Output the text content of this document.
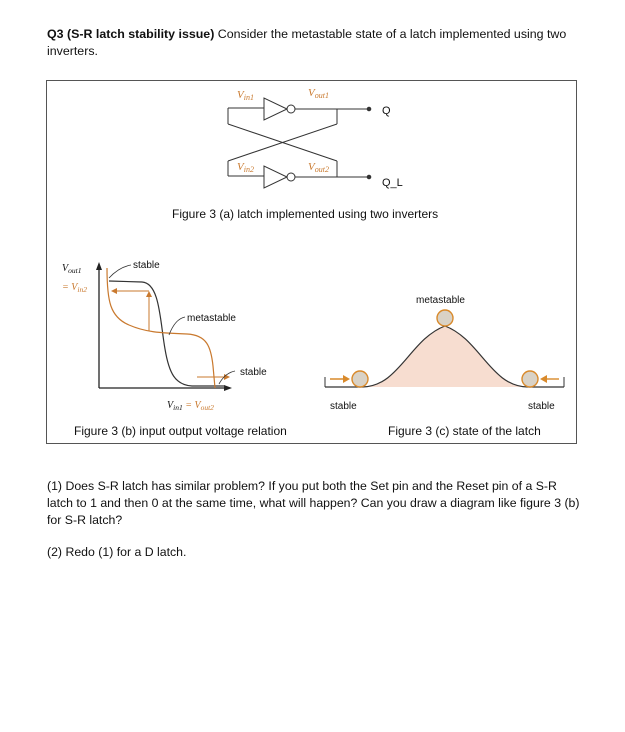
Q3 (S-R latch stability issue) Consider the metastable state of a latch implemented using two inverters.
Vin1	Vout1
Vin2	Vout2
Q
Q_L
Figure 3 (a) latch implemented using two inverters
stable
metastable
stable
$V_{out1}$
= $V_{in2}$
$V_{in1} = V_{out2}$
Figure 3 (b) input output voltage relation
metastable
stable	stable
Figure 3 (c) state of the latch

(1) Does S-R latch has similar problem? If you put both the Set pin and the Reset pin of a S-R latch to 1 and then 0 at the same time, what will happen? Can you draw a diagram like figure 3 (b) for S-R latch?

(2) Redo (1) for a D latch.
